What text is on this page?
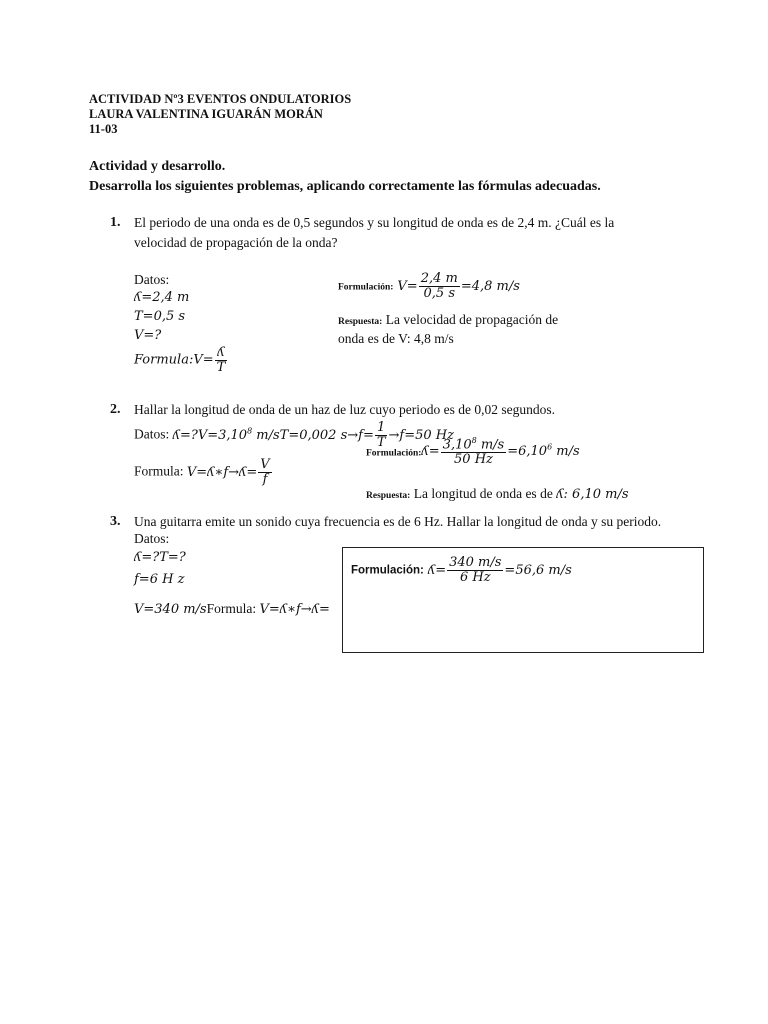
ACTIVIDAD Nº3 EVENTOS ONDULATORIOS
LAURA VALENTINA IGUARÁN MORÁN
11-03
Actividad y desarrollo.
Desarrolla los siguientes problemas, aplicando correctamente las fórmulas adecuadas.
1. El periodo de una onda es de 0,5 segundos y su longitud de onda es de 2,4 m. ¿Cuál es la
velocidad de propagación de la onda?
Datos:
ʎ=2,4 m
T=0,5 s
V=?
Formula:V= $\frac{\text{ʎ}}{T}$
Formulación: $V= \frac{2,4 m}{0,5 s} =4,8$ m/s
Respuesta: La velocidad de propagación de
onda es de V: 4,8 m/s
2. Hallar la longitud de onda de un haz de luz cuyo periodo es de 0,02 segundos.
Datos: $ʎ=?V=3,10^8$ m/sT=0,002 $s\to f= \frac{1}{T} \to f=50$ Hz
Formulación:ʎ= $\frac{3,10^8 m/s}{50 Hz} =6,10^6$ m/s
Formula: V=ʎ∗f→ʎ= $\frac{V}{f}$
Respuesta: La longitud de onda es de ʎ: 6,10 m/s
3. Una guitarra emite un sonido cuya frecuencia es de 6 Hz. Hallar la longitud de onda y su periodo.
Datos:
ʎ=?T=?
f=6 H z
V=340 m/sFormula: V=ʎ∗f→ʎ=
Formulación: ʎ= $\frac{340 m/s}{6 Hz} =56,6$ m/s
